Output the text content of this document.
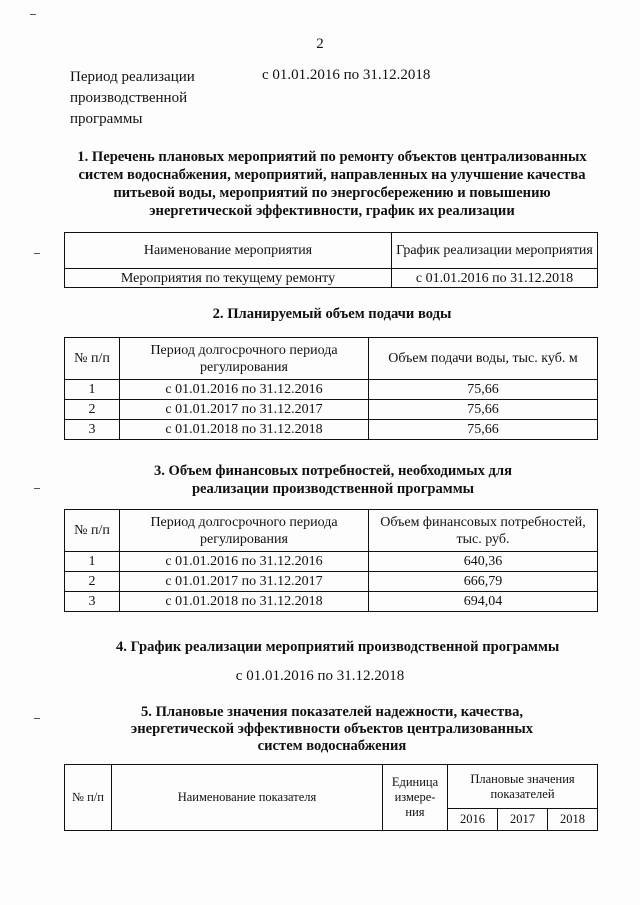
2
Период реализации производственной программы
с 01.01.2016 по 31.12.2018
1. Перечень плановых мероприятий по ремонту объектов централизованных систем водоснабжения, мероприятий, направленных на улучшение качества питьевой воды, мероприятий по энергосбережению и повышению энергетической эффективности, график их реализации
Наименование мероприятия	График реализации мероприятия
Мероприятия по текущему ремонту	с 01.01.2016 по 31.12.2018
2. Планируемый объем подачи воды
№ п/п	Период долгосрочного периода регулирования	Объем подачи воды, тыс. куб. м
1	с 01.01.2016 по 31.12.2016	75,66
2	с 01.01.2017 по 31.12.2017	75,66
3	с 01.01.2018 по 31.12.2018	75,66
3. Объем финансовых потребностей, необходимых для реализации производственной программы
№ п/п	Период долгосрочного периода регулирования	Объем финансовых потребностей, тыс. руб.
1	с 01.01.2016 по 31.12.2016	640,36
2	с 01.01.2017 по 31.12.2017	666,79
3	с 01.01.2018 по 31.12.2018	694,04
4. График реализации мероприятий производственной программы
с 01.01.2016 по 31.12.2018
5. Плановые значения показателей надежности, качества,
энергетической эффективности объектов централизованных
систем водоснабжения
№ п/п	Наименование показателя	Единица измере- ния	Плановые значения показателей		
			2016	2017	2018
